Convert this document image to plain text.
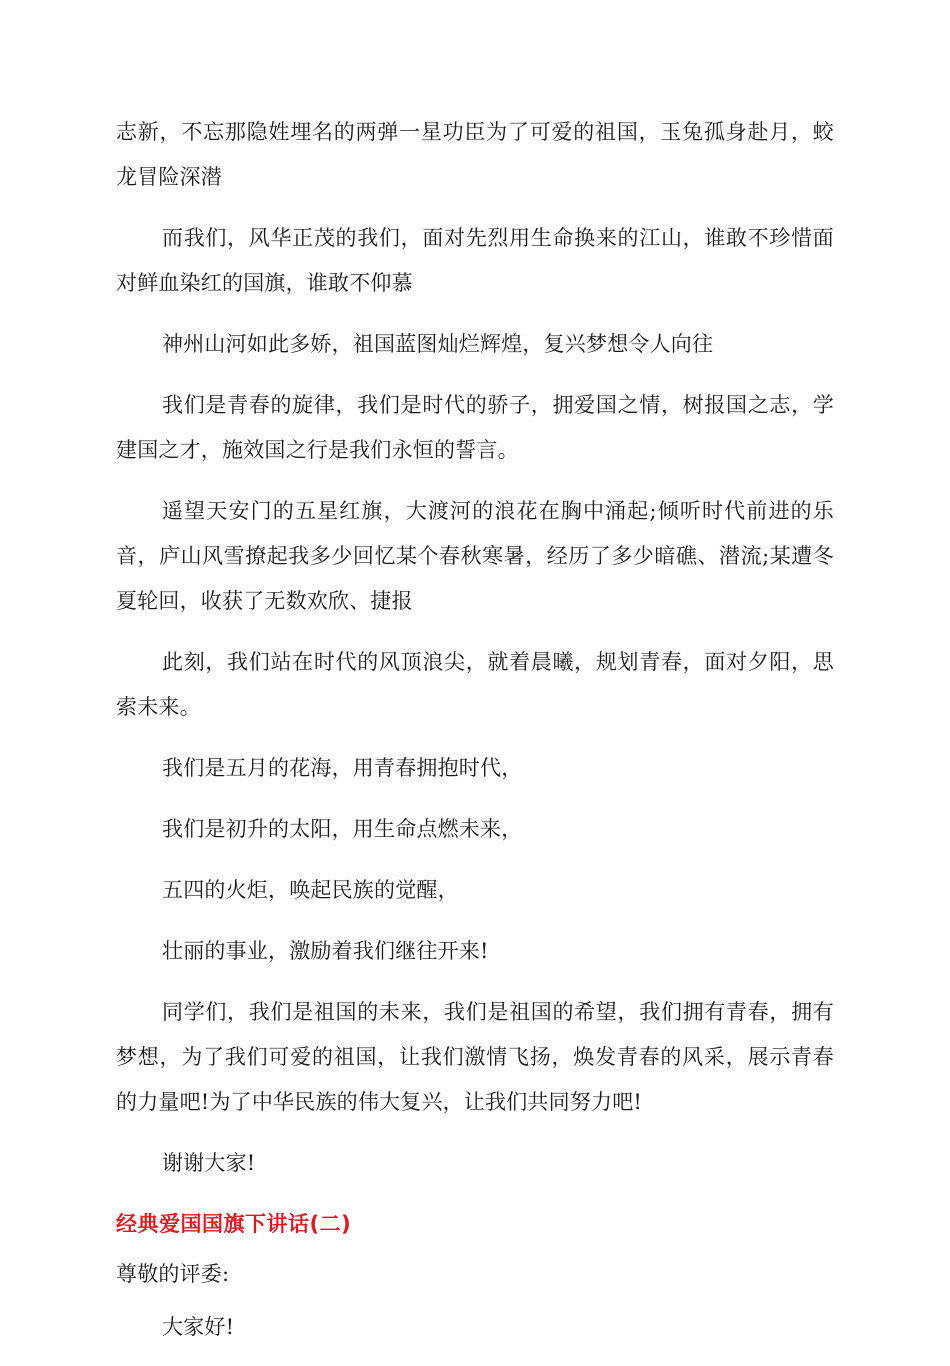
志新，不忘那隐姓埋名的两弹一星功臣为了可爱的祖国，玉兔孤身赴月，蛟龙冒险深潜

而我们，风华正茂的我们，面对先烈用生命换来的江山，谁敢不珍惜面对鲜血染红的国旗，谁敢不仰慕

神州山河如此多娇，祖国蓝图灿烂辉煌，复兴梦想令人向往

我们是青春的旋律，我们是时代的骄子，拥爱国之情，树报国之志，学建国之才，施效国之行是我们永恒的誓言。

遥望天安门的五星红旗，大渡河的浪花在胸中涌起;倾听时代前进的乐音，庐山风雪撩起我多少回忆某个春秋寒暑，经历了多少暗礁、潜流;某遭冬夏轮回，收获了无数欢欣、捷报

此刻，我们站在时代的风顶浪尖，就着晨曦，规划青春，面对夕阳，思索未来。

我们是五月的花海，用青春拥抱时代，

我们是初升的太阳，用生命点燃未来，

五四的火炬，唤起民族的觉醒，

壮丽的事业，激励着我们继往开来!

同学们，我们是祖国的未来，我们是祖国的希望，我们拥有青春，拥有梦想，为了我们可爱的祖国，让我们激情飞扬，焕发青春的风采，展示青春的力量吧!为了中华民族的伟大复兴，让我们共同努力吧!

谢谢大家!

经典爱国国旗下讲话(二)

尊敬的评委:

大家好!
